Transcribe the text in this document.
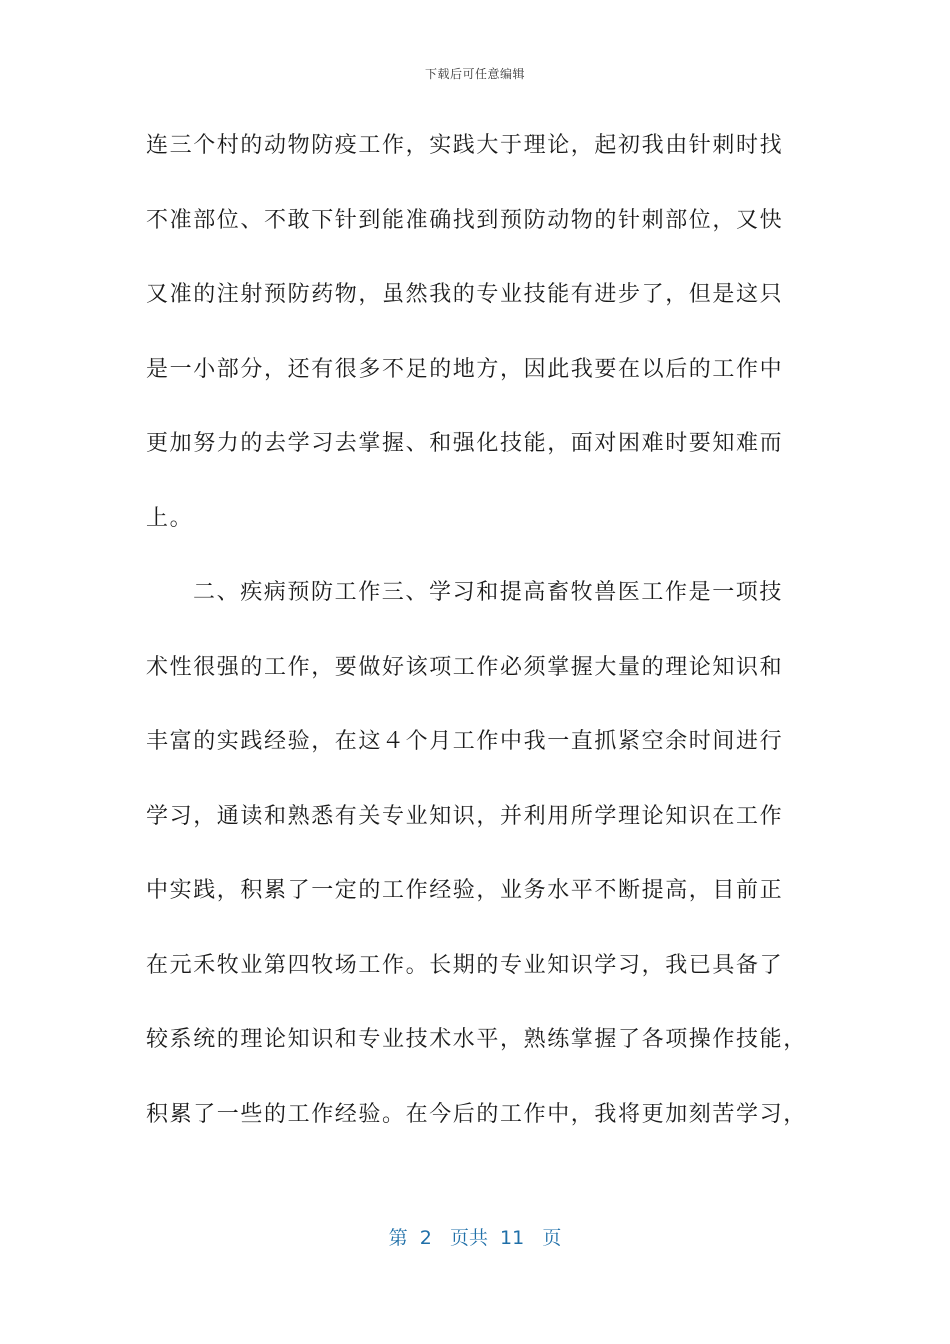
下载后可任意编辑
连三个村的动物防疫工作，实践大于理论，起初我由针刺时找
不准部位、不敢下针到能准确找到预防动物的针刺部位，又快
又准的注射预防药物，虽然我的专业技能有进步了，但是这只
是一小部分，还有很多不足的地方，因此我要在以后的工作中
更加努力的去学习去掌握、和强化技能，面对困难时要知难而
上。
二、疾病预防工作三、学习和提高畜牧兽医工作是一项技
术性很强的工作，要做好该项工作必须掌握大量的理论知识和
丰富的实践经验，在这４个月工作中我一直抓紧空余时间进行
学习，通读和熟悉有关专业知识，并利用所学理论知识在工作
中实践，积累了一定的工作经验，业务水平不断提高，目前正
在元禾牧业第四牧场工作。长期的专业知识学习，我已具备了
较系统的理论知识和专业技术水平，熟练掌握了各项操作技能，
积累了一些的工作经验。在今后的工作中，我将更加刻苦学习，
第  2   页共  11   页
